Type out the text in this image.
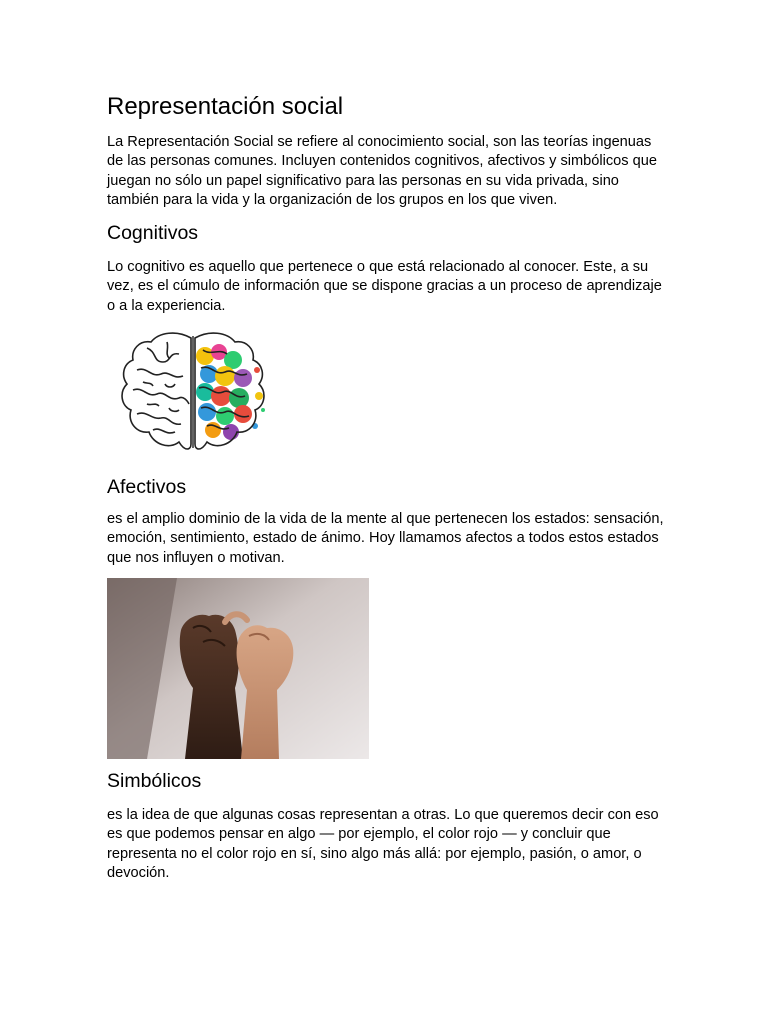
Representación social

La Representación Social se refiere al conocimiento social, son las teorías ingenuas de las personas comunes. Incluyen contenidos cognitivos, afectivos y simbólicos que juegan no sólo un papel significativo para las personas en su vida privada, sino también para la vida y la organización de los grupos en los que viven.

Cognitivos

Lo cognitivo es aquello que pertenece o que está relacionado al conocer. Este, a su vez, es el cúmulo de información que se dispone gracias a un proceso de aprendizaje o a la experiencia.

Afectivos

es el amplio dominio de la vida de la mente al que pertenecen los estados: sensación, emoción, sentimiento, estado de ánimo. Hoy llamamos afectos a todos estos estados que nos influyen o motivan.

Simbólicos

es la idea de que algunas cosas representan a otras. Lo que queremos decir con eso es que podemos pensar en algo — por ejemplo, el color rojo — y concluir que representa no el color rojo en sí, sino algo más allá: por ejemplo, pasión, o amor, o devoción.
